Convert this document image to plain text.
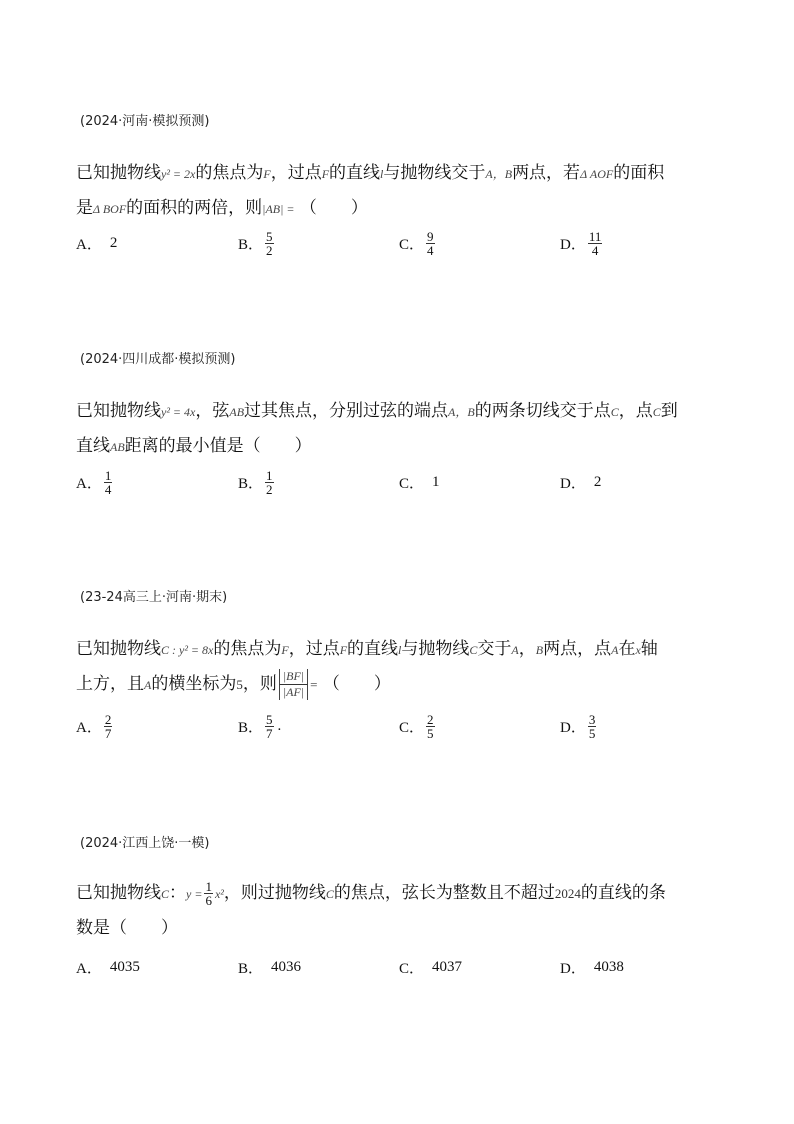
(2024·河南·模拟预测)
已知抛物线y² = 2x的焦点为F，过点F的直线l与抛物线交于A，B两点，若Δ AOF的面积
是Δ BOF的面积的两倍，则|AB| = （　　）
A． 2	B． $\frac{5}{2}$	C． $\frac{9}{4}$	D． $\frac{11}{4}$
(2024·四川成都·模拟预测)
已知抛物线y² = 4x，弦AB过其焦点，分别过弦的端点A，B的两条切线交于点C，点C到
直线AB距离的最小值是（　　）
A． $\frac{1}{4}$	B． $\frac{1}{2}$	C． 1	D． 2
(23-24高三上·河南·期末)
已知抛物线C : y² = 8x的焦点为F，过点F的直线l与抛物线C交于A，B两点，点A在x轴
上方，且A的横坐标为5，则 $\frac{|BF|}{|AF|}$ = （　　）
A． $\frac{2}{7}$	B． $\frac{5}{7}$ .	C． $\frac{2}{5}$	D． $\frac{3}{5}$
(2024·江西上饶·一模)
已知抛物线C：$y = \frac{1}{6} x^2$，则过抛物线C的焦点，弦长为整数且不超过2024的直线的条
数是（　　）
A． 4035	B． 4036	C． 4037	D． 4038
